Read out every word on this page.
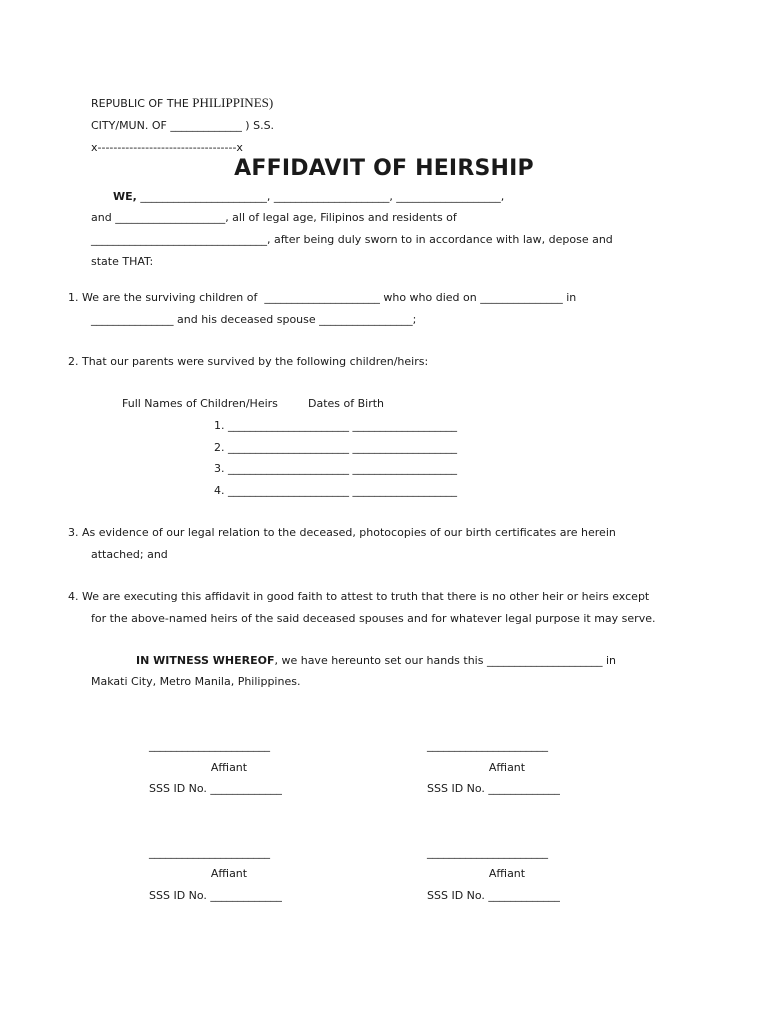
REPUBLIC OF THE PHILIPPINES)
CITY/MUN. OF _____________ ) S.S.
x-----------------------------------x
AFFIDAVIT OF HEIRSHIP
WE, _______________________, _____________________, ___________________,
and ____________________, all of legal age, Filipinos and residents of
________________________________, after being duly sworn to in accordance with law, depose and
state THAT:
1. We are the surviving children of  _____________________ who who died on _______________ in
_______________ and his deceased spouse _________________;
2. That our parents were survived by the following children/heirs:
Full Names of Children/Heirs	Dates of Birth
1. ______________________ ___________________
2. ______________________ ___________________
3. ______________________ ___________________
4. ______________________ ___________________
3. As evidence of our legal relation to the deceased, photocopies of our birth certificates are herein
attached; and
4. We are executing this affidavit in good faith to attest to truth that there is no other heir or heirs except
for the above-named heirs of the said deceased spouses and for whatever legal purpose it may serve.
IN WITNESS WHEREOF, we have hereunto set our hands this _____________________ in
Makati City, Metro Manila, Philippines.
______________________
Affiant
SSS ID No. _____________
______________________
Affiant
SSS ID No. _____________
______________________
Affiant
SSS ID No. _____________
______________________
Affiant
SSS ID No. _____________
